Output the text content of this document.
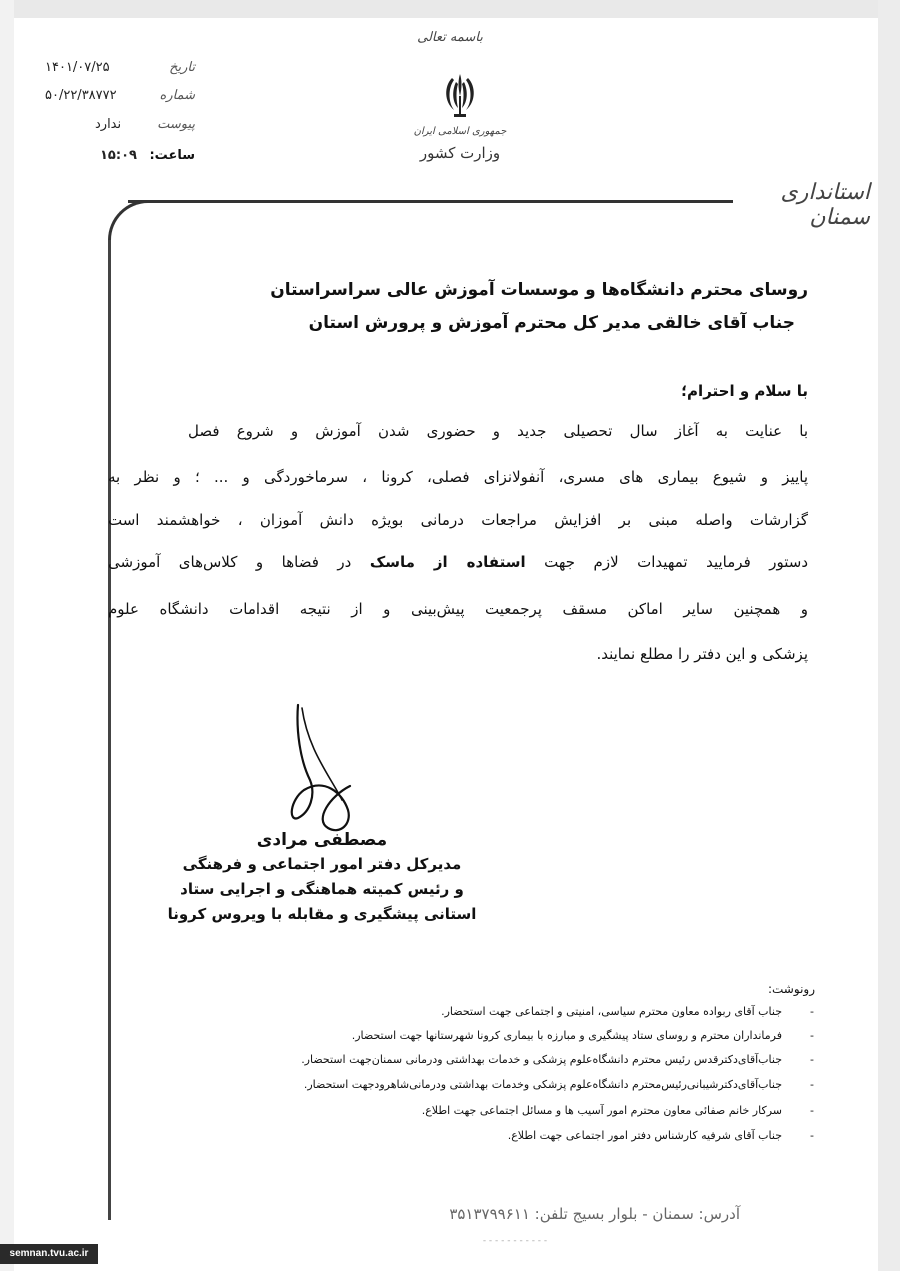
تاریخ
۱۴۰۱/۰۷/۲۵
شماره
۵۰/۲۲/۳۸۷۷۲
پیوست
ندارد
ساعت:
۱۵:۰۹
باسمه تعالی
جمهوری اسلامی ایران
وزارت کشور
استانداری سمنان
روسای محترم دانشگاه‌ها و موسسات آموزش عالی سراسراستان
جناب آقای خالقی مدیر کل محترم آموزش و پرورش استان
با سلام و احترام؛
با عنایت به آغاز سال تحصیلی جدید و حضوری شدن آموزش و شروع فصل
پاییز و شیوع بیماری های مسری، آنفولانزای فصلی، کرونا ، سرماخوردگی و ... ؛ و نظر به
گزارشات واصله مبنی بر افزایش مراجعات درمانی بویژه دانش آموزان ، خواهشمند است
دستور فرمایید تمهیدات لازم جهت استفاده از ماسک در فضاها و کلاس‌های آموزشی
و همچنین سایر اماکن مسقف پرجمعیت پیش‌بینی و از نتیجه اقدامات دانشگاه علوم
پزشکی و این دفتر را مطلع نمایند.
مصطفی مرادی
مدیرکل دفتر امور اجتماعی و فرهنگی
و رئیس کمیته هماهنگی و اجرایی ستاد
استانی پیشگیری و مقابله با ویروس کرونا
رونوشت:
-
جناب آقای ربواده معاون محترم سیاسی، امنیتی و اجتماعی جهت استحضار.
-
فرمانداران محترم و روسای ستاد پیشگیری و مبارزه با بیماری کرونا شهرستانها جهت استحضار.
-
جناب‌آقای‌دکترقدس رئیس محترم دانشگاه‌علوم پزشکی و خدمات بهداشتی ودرمانی سمنان‌جهت استحضار.
-
جناب‌آقای‌دکترشیبانی‌رئیس‌محترم دانشگاه‌علوم پزشکی وخدمات بهداشتی ودرمانی‌شاهرودجهت استحضار.
-
سرکار خانم صفائی معاون محترم امور آسیب ها و مسائل اجتماعی جهت اطلاع.
-
جناب آقای شرفیه کارشناس دفتر امور اجتماعی جهت اطلاع.
آدرس: سمنان - بلوار بسیج تلفن: ۳۵۱۳۷۹۹۶۱۱
- - - - - - - - - - -
semnan.tvu.ac.ir
